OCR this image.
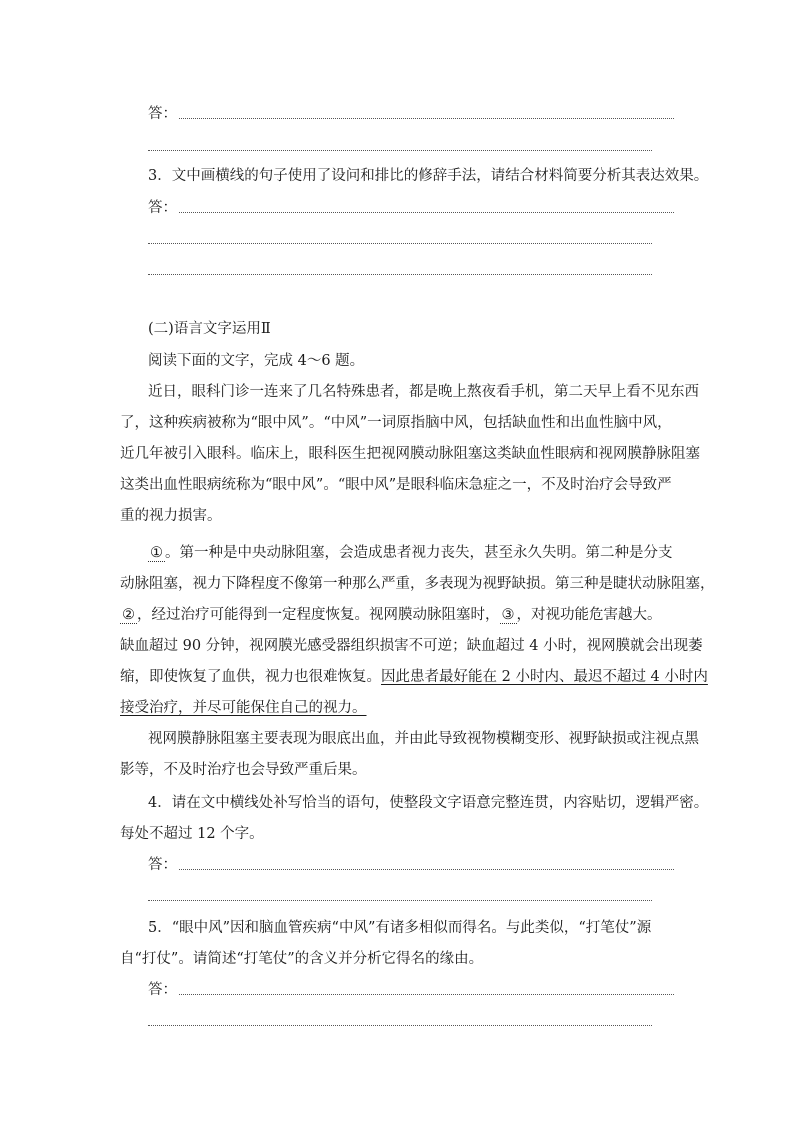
答：
3．文中画横线的句子使用了设问和排比的修辞手法，请结合材料简要分析其表达效果。
答：
(二)语言文字运用Ⅱ
阅读下面的文字，完成 4～6 题。
近日，眼科门诊一连来了几名特殊患者，都是晚上熬夜看手机，第二天早上看不见东西
了，这种疾病被称为“眼中风”。“中风”一词原指脑中风，包括缺血性和出血性脑中风，
近几年被引入眼科。临床上，眼科医生把视网膜动脉阻塞这类缺血性眼病和视网膜静脉阻塞
这类出血性眼病统称为“眼中风”。“眼中风”是眼科临床急症之一，不及时治疗会导致严
重的视力损害。
① 。第一种是中央动脉阻塞，会造成患者视力丧失，甚至永久失明。第二种是分支
动脉阻塞，视力下降程度不像第一种那么严重，多表现为视野缺损。第三种是睫状动脉阻塞，
② ，经过治疗可能得到一定程度恢复。视网膜动脉阻塞时， ③ ，对视功能危害越大。
缺血超过 90 分钟，视网膜光感受器组织损害不可逆；缺血超过 4 小时，视网膜就会出现萎
缩，即使恢复了血供，视力也很难恢复。因此患者最好能在 2 小时内、最迟不超过 4 小时内
接受治疗，并尽可能保住自己的视力。
视网膜静脉阻塞主要表现为眼底出血，并由此导致视物模糊变形、视野缺损或注视点黑
影等，不及时治疗也会导致严重后果。
4．请在文中横线处补写恰当的语句，使整段文字语意完整连贯，内容贴切，逻辑严密。
每处不超过 12 个字。
答：
5．“眼中风”因和脑血管疾病“中风”有诸多相似而得名。与此类似，“打笔仗”源
自“打仗”。请简述“打笔仗”的含义并分析它得名的缘由。
答：
